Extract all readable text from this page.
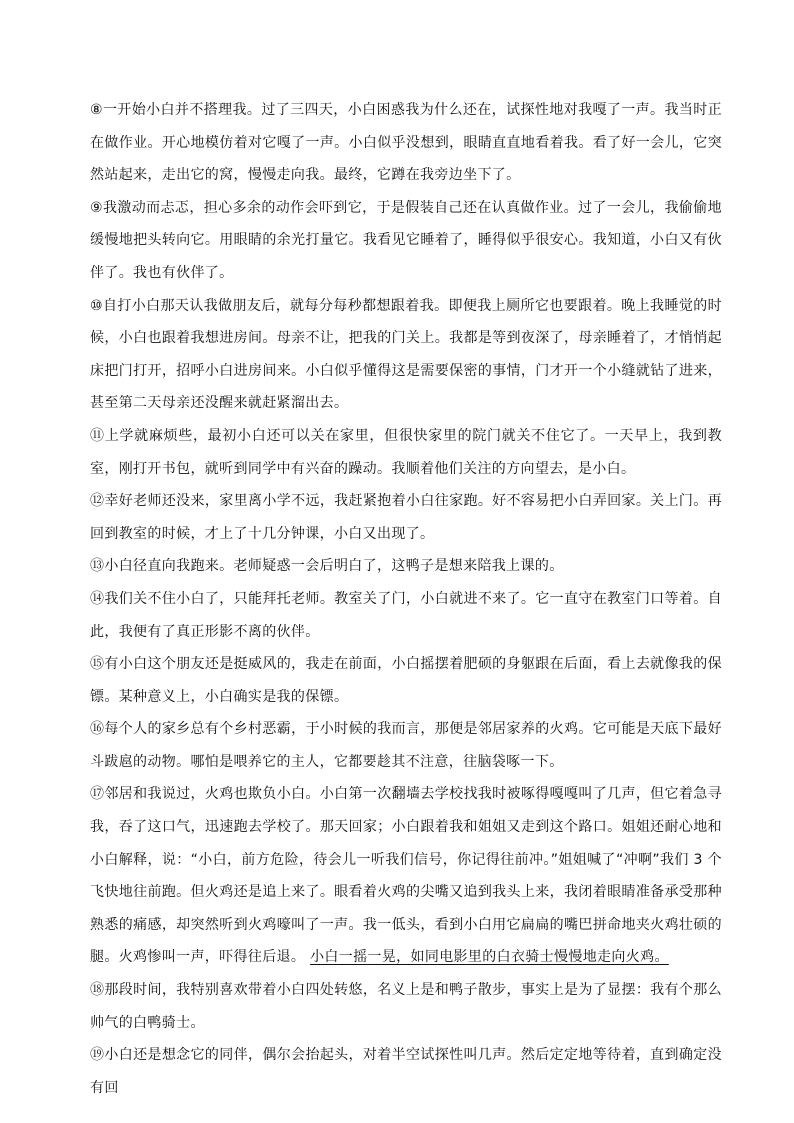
⑧一开始小白并不搭理我。过了三四天，小白困惑我为什么还在，试探性地对我嘎了一声。我当时正在做作业。开心地模仿着对它嘎了一声。小白似乎没想到，眼睛直直地看着我。看了好一会儿，它突然站起来，走出它的窝，慢慢走向我。最终，它蹲在我旁边坐下了。

⑨我激动而忐忑，担心多余的动作会吓到它，于是假装自己还在认真做作业。过了一会儿，我偷偷地缓慢地把头转向它。用眼睛的余光打量它。我看见它睡着了，睡得似乎很安心。我知道，小白又有伙伴了。我也有伙伴了。

⑩自打小白那天认我做朋友后，就每分每秒都想跟着我。即便我上厕所它也要跟着。晚上我睡觉的时候，小白也跟着我想进房间。母亲不让，把我的门关上。我都是等到夜深了，母亲睡着了，才悄悄起床把门打开，招呼小白进房间来。小白似乎懂得这是需要保密的事情，门才开一个小缝就钻了进来，甚至第二天母亲还没醒来就赶紧溜出去。

⑪上学就麻烦些，最初小白还可以关在家里，但很快家里的院门就关不住它了。一天早上，我到教室，刚打开书包，就听到同学中有兴奋的躁动。我顺着他们关注的方向望去，是小白。

⑫幸好老师还没来，家里离小学不远，我赶紧抱着小白往家跑。好不容易把小白弄回家。关上门。再回到教室的时候，才上了十几分钟课，小白又出现了。

⑬小白径直向我跑来。老师疑惑一会后明白了，这鸭子是想来陪我上课的。

⑭我们关不住小白了，只能拜托老师。教室关了门，小白就进不来了。它一直守在教室门口等着。自此，我便有了真正形影不离的伙伴。

⑮有小白这个朋友还是挺威风的，我走在前面，小白摇摆着肥硕的身躯跟在后面，看上去就像我的保镖。某种意义上，小白确实是我的保镖。

⑯每个人的家乡总有个乡村恶霸，于小时候的我而言，那便是邻居家养的火鸡。它可能是天底下最好斗跋扈的动物。哪怕是喂养它的主人，它都要趁其不注意，往脑袋啄一下。

⑰邻居和我说过，火鸡也欺负小白。小白第一次翻墙去学校找我时被啄得嘎嘎叫了几声，但它着急寻我，吞了这口气，迅速跑去学校了。那天回家；小白跟着我和姐姐又走到这个路口。姐姐还耐心地和小白解释，说：“小白，前方危险，待会儿一听我们信号，你记得往前冲。”姐姐喊了“冲啊”我们 3 个飞快地往前跑。但火鸡还是追上来了。眼看着火鸡的尖嘴又追到我头上来，我闭着眼睛准备承受那种熟悉的痛感，却突然听到火鸡嚎叫了一声。我一低头，看到小白用它扁扁的嘴巴拼命地夹火鸡壮硕的腿。火鸡惨叫一声，吓得往后退。 小白一摇一晃，如同电影里的白衣骑士慢慢地走向火鸡。

⑱那段时间，我特别喜欢带着小白四处转悠，名义上是和鸭子散步，事实上是为了显摆：我有个那么帅气的白鸭骑士。

⑲小白还是想念它的同伴，偶尔会抬起头，对着半空试探性叫几声。然后定定地等待着，直到确定没有回
